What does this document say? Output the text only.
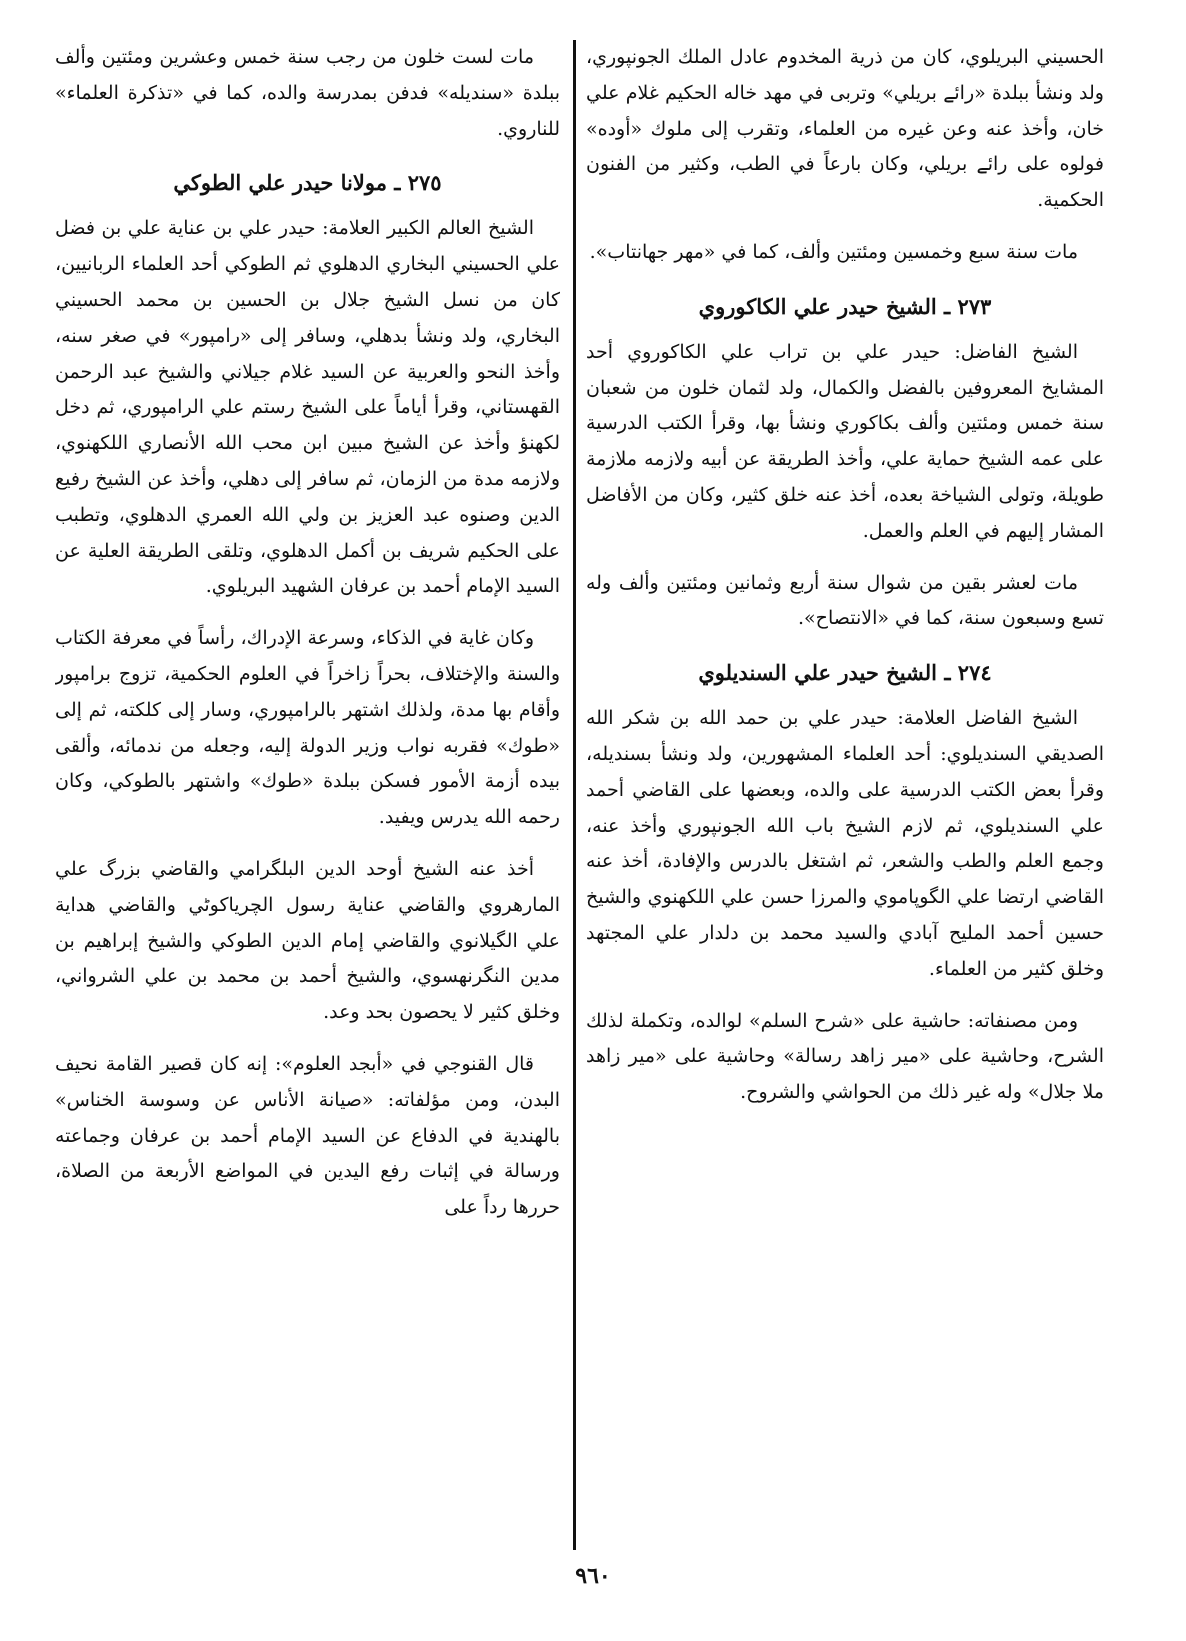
الحسيني البريلوي، كان من ذرية المخدوم عادل الملك الجونپوري، ولد ونشأ ببلدة «رائے بريلي» وتربى في مهد خاله الحكيم غلام علي خان، وأخذ عنه وعن غيره من العلماء، وتقرب إلى ملوك «أوده» فولوه على رائے بريلي، وكان بارعاً في الطب، وكثير من الفنون الحكمية.

مات سنة سبع وخمسين ومئتين وألف، كما في «مهر جهانتاب».

٢٧٣ ـ الشيخ حيدر علي الكاكوروي

الشيخ الفاضل: حيدر علي بن تراب علي الكاكوروي أحد المشايخ المعروفين بالفضل والكمال، ولد لثمان خلون من شعبان سنة خمس ومئتين وألف بكاكوري ونشأ بها، وقرأ الكتب الدرسية على عمه الشيخ حماية علي، وأخذ الطريقة عن أبيه ولازمه ملازمة طويلة، وتولى الشياخة بعده، أخذ عنه خلق كثير، وكان من الأفاضل المشار إليهم في العلم والعمل.

مات لعشر بقين من شوال سنة أربع وثمانين ومئتين وألف وله تسع وسبعون سنة، كما في «الانتصاح».

٢٧٤ ـ الشيخ حيدر علي السنديلوي

الشيخ الفاضل العلامة: حيدر علي بن حمد الله بن شكر الله الصديقي السنديلوي: أحد العلماء المشهورين، ولد ونشأ بسنديله، وقرأ بعض الكتب الدرسية على والده، وبعضها على القاضي أحمد علي السنديلوي، ثم لازم الشيخ باب الله الجونپوري وأخذ عنه، وجمع العلم والطب والشعر، ثم اشتغل بالدرس والإفادة، أخذ عنه القاضي ارتضا علي الگوپاموي والمرزا حسن علي اللكهنوي والشيخ حسين أحمد المليح آبادي والسيد محمد بن دلدار علي المجتهد وخلق كثير من العلماء.

ومن مصنفاته: حاشية على «شرح السلم» لوالده، وتكملة لذلك الشرح، وحاشية على «مير زاهد رسالة» وحاشية على «مير زاهد ملا جلال» وله غير ذلك من الحواشي والشروح.

مات لست خلون من رجب سنة خمس وعشرين ومئتين وألف ببلدة «سنديله» فدفن بمدرسة والده، كما في «تذكرة العلماء» للناروي.

٢٧٥ ـ مولانا حيدر علي الطوكي

الشيخ العالم الكبير العلامة: حيدر علي بن عناية علي بن فضل علي الحسيني البخاري الدهلوي ثم الطوكي أحد العلماء الربانيين، كان من نسل الشيخ جلال بن الحسين بن محمد الحسيني البخاري، ولد ونشأ بدهلي، وسافر إلى «رامپور» في صغر سنه، وأخذ النحو والعربية عن السيد غلام جيلاني والشيخ عبد الرحمن القهستاني، وقرأ أياماً على الشيخ رستم علي الرامپوري، ثم دخل لكهنؤ وأخذ عن الشيخ مبين ابن محب الله الأنصاري اللكهنوي، ولازمه مدة من الزمان، ثم سافر إلى دهلي، وأخذ عن الشيخ رفيع الدين وصنوه عبد العزيز بن ولي الله العمري الدهلوي، وتطبب على الحكيم شريف بن أكمل الدهلوي، وتلقى الطريقة العلية عن السيد الإمام أحمد بن عرفان الشهيد البريلوي.

وكان غاية في الذكاء، وسرعة الإدراك، رأساً في معرفة الكتاب والسنة والإختلاف، بحراً زاخراً في العلوم الحكمية، تزوج برامپور وأقام بها مدة، ولذلك اشتهر بالرامپوري، وسار إلى كلكته، ثم إلى «طوك» فقربه نواب وزير الدولة إليه، وجعله من ندمائه، وألقى بيده أزمة الأمور فسكن ببلدة «طوك» واشتهر بالطوكي، وكان رحمه الله يدرس ويفيد.

أخذ عنه الشيخ أوحد الدين البلگرامي والقاضي بزرگ علي المارهروي والقاضي عناية رسول الچرياكوٹي والقاضي هداية علي الگيلانوي والقاضي إمام الدين الطوكي والشيخ إبراهيم بن مدين النگرنهسوي، والشيخ أحمد بن محمد بن علي الشرواني، وخلق كثير لا يحصون بحد وعد.

قال القنوجي في «أبجد العلوم»: إنه كان قصير القامة نحيف البدن، ومن مؤلفاته: «صيانة الأناس عن وسوسة الخناس» بالهندية في الدفاع عن السيد الإمام أحمد بن عرفان وجماعته ورسالة في إثبات رفع اليدين في المواضع الأربعة من الصلاة، حررها رداً على

٩٦٠
